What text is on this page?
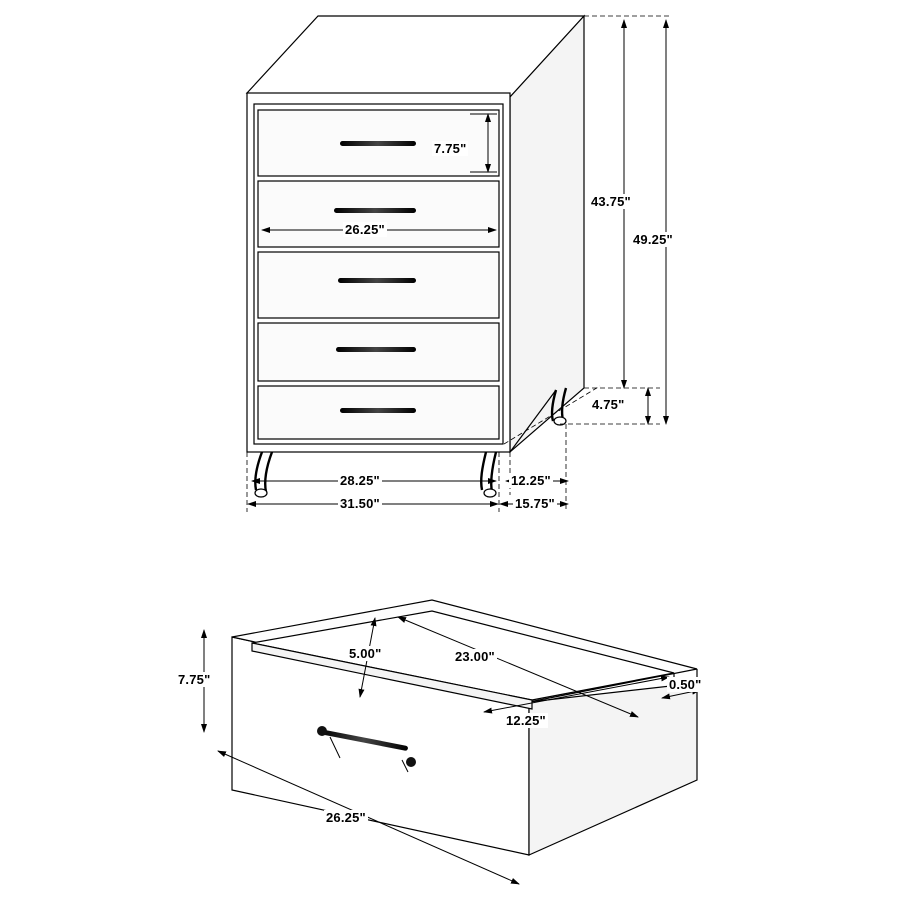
7.75"
26.25"
43.75"
49.25"
4.75"
28.25"	12.25"
31.50"	15.75"
5.00"	23.00"
7.75"	0.50"
12.25"
26.25"
